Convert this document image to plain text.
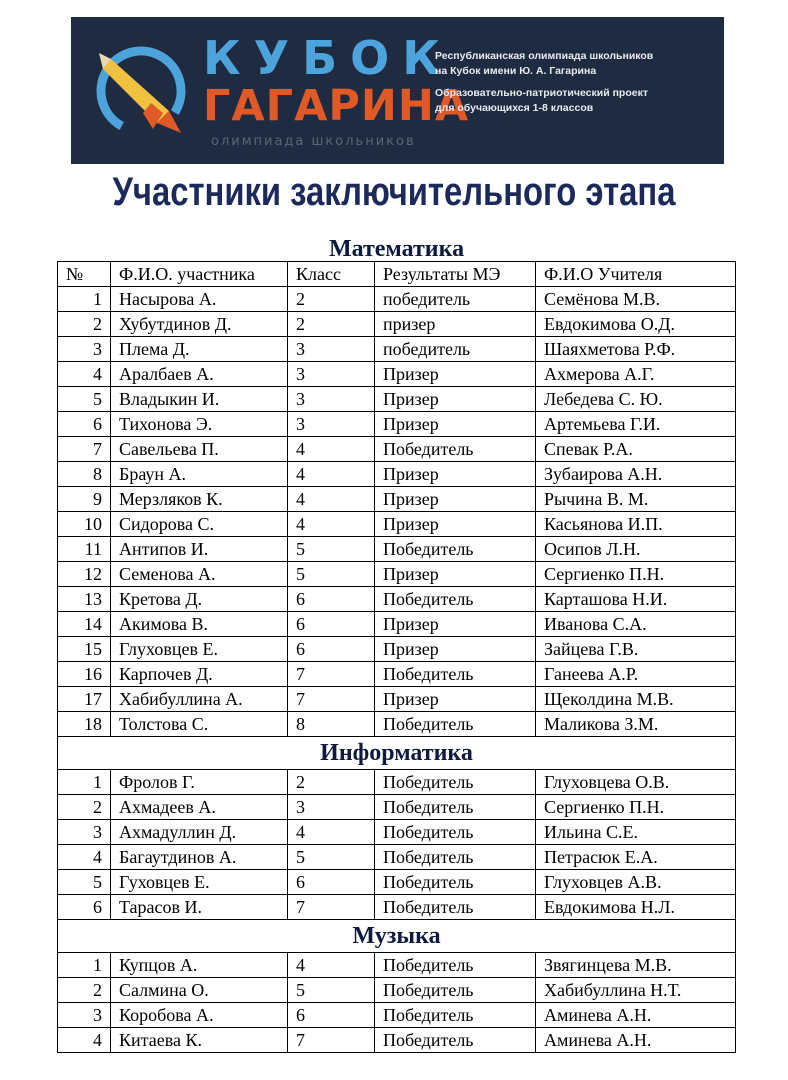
КУБОК
ГАГАРИНА
олимпиада школьников
Республиканская олимпиада школьников
на Кубок имени Ю. А. Гагарина
Образовательно-патриотический проект
для обучающихся 1-8 классов
Участники заключительного этапа
Математика				
№	Ф.И.О. участника	Класс	Результаты МЭ	Ф.И.О Учителя
1	Насырова А.	2	победитель	Семёнова М.В.
2	Хубутдинов Д.	2	призер	Евдокимова О.Д.
3	Плема Д.	3	победитель	Шаяхметова Р.Ф.
4	Аралбаев А.	3	Призер	Ахмерова А.Г.
5	Владыкин И.	3	Призер	Лебедева С. Ю.
6	Тихонова Э.	3	Призер	Артемьева Г.И.
7	Савельева П.	4	Победитель	Спевак Р.А.
8	Браун А.	4	Призер	Зубаирова А.Н.
9	Мерзляков К.	4	Призер	Рычина В. М.
10	Сидорова С.	4	Призер	Касьянова И.П.
11	Антипов И.	5	Победитель	Осипов Л.Н.
12	Семенова А.	5	Призер	Сергиенко П.Н.
13	Кретова Д.	6	Победитель	Карташова Н.И.
14	Акимова В.	6	Призер	Иванова С.А.
15	Глуховцев Е.	6	Призер	Зайцева Г.В.
16	Карпочев Д.	7	Победитель	Ганеева А.Р.
17	Хабибуллина А.	7	Призер	Щеколдина М.В.
18	Толстова С.	8	Победитель	Маликова З.М.
Информатика				
1	Фролов Г.	2	Победитель	Глуховцева О.В.
2	Ахмадеев А.	3	Победитель	Сергиенко П.Н.
3	Ахмадуллин Д.	4	Победитель	Ильина С.Е.
4	Багаутдинов А.	5	Победитель	Петрасюк Е.А.
5	Гуховцев Е.	6	Победитель	Глуховцев А.В.
6	Тарасов И.	7	Победитель	Евдокимова Н.Л.
Музыка				
1	Купцов А.	4	Победитель	Звягинцева М.В.
2	Салмина О.	5	Победитель	Хабибуллина Н.Т.
3	Коробова А.	6	Победитель	Аминева А.Н.
4	Китаева К.	7	Победитель	Аминева А.Н.
